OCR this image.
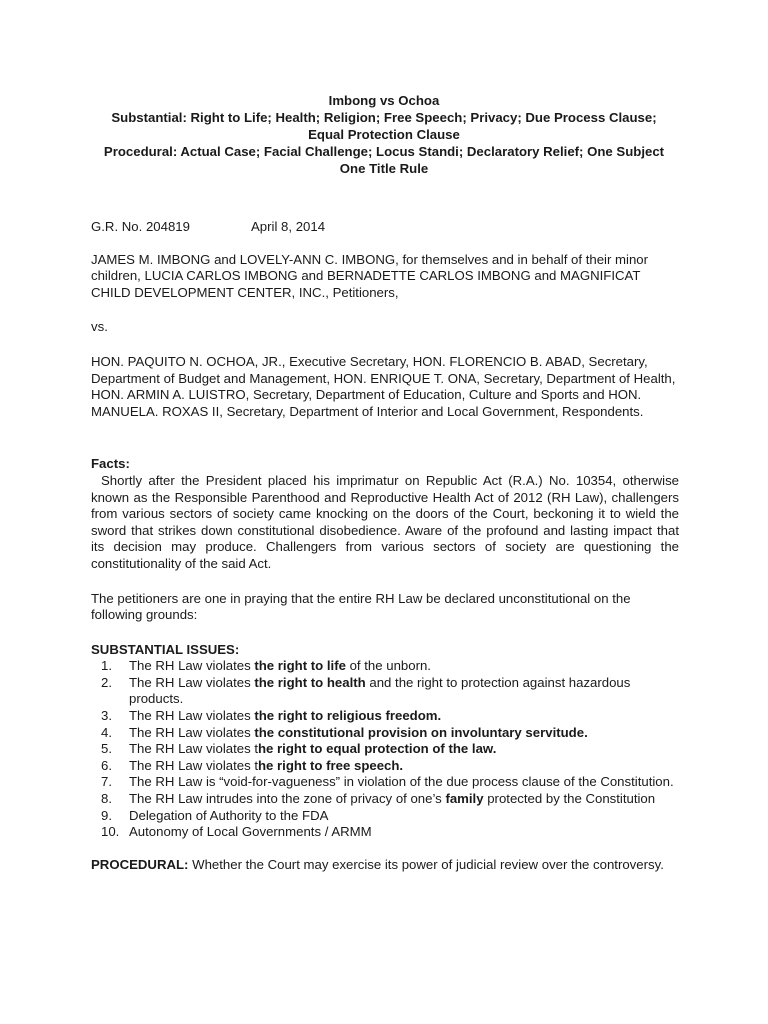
Imbong vs Ochoa
Substantial: Right to Life; Health; Religion; Free Speech; Privacy; Due Process Clause;
Equal Protection Clause
Procedural: Actual Case; Facial Challenge; Locus Standi; Declaratory Relief; One Subject
One Title Rule
G.R. No. 204819	April 8, 2014

JAMES M. IMBONG and LOVELY-ANN C. IMBONG, for themselves and in behalf of their minor children, LUCIA CARLOS IMBONG and BERNADETTE CARLOS IMBONG and MAGNIFICAT CHILD DEVELOPMENT CENTER, INC., Petitioners,

vs.

HON. PAQUITO N. OCHOA, JR., Executive Secretary, HON. FLORENCIO B. ABAD, Secretary, Department of Budget and Management, HON. ENRIQUE T. ONA, Secretary, Department of Health, HON. ARMIN A. LUISTRO, Secretary, Department of Education, Culture and Sports and HON. MANUELA. ROXAS II, Secretary, Department of Interior and Local Government, Respondents.

Facts:

Shortly after the President placed his imprimatur on Republic Act (R.A.) No. 10354, otherwise known as the Responsible Parenthood and Reproductive Health Act of 2012 (RH Law), challengers from various sectors of society came knocking on the doors of the Court, beckoning it to wield the sword that strikes down constitutional disobedience. Aware of the profound and lasting impact that its decision may produce. Challengers from various sectors of society are questioning the constitutionality of the said Act.

The petitioners are one in praying that the entire RH Law be declared unconstitutional on the following grounds:

SUBSTANTIAL ISSUES:
1.	The RH Law violates the right to life of the unborn.
2.	The RH Law violates the right to health and the right to protection against hazardous products.
3.	The RH Law violates the right to religious freedom.
4.	The RH Law violates the constitutional provision on involuntary servitude.
5.	The RH Law violates the right to equal protection of the law.
6.	The RH Law violates the right to free speech.
7.	The RH Law is “void-for-vagueness” in violation of the due process clause of the Constitution.
8.	The RH Law intrudes into the zone of privacy of one’s family protected by the Constitution
9.	Delegation of Authority to the FDA
10. Autonomy of Local Governments / ARMM

PROCEDURAL: Whether the Court may exercise its power of judicial review over the controversy.
